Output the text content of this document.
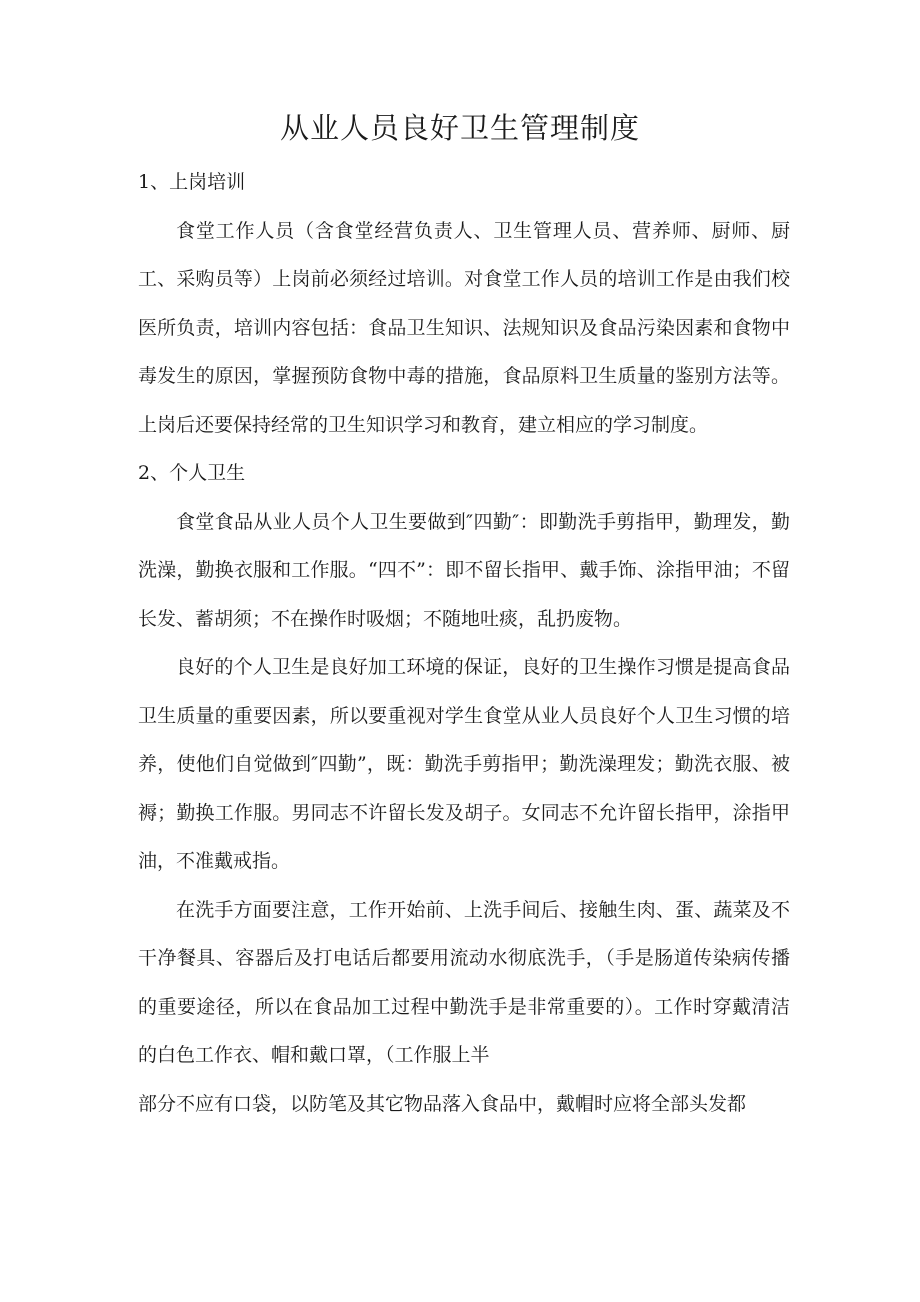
从业人员良好卫生管理制度

1、上岗培训

食堂工作人员（含食堂经营负责人、卫生管理人员、营养师、厨师、厨工、采购员等）上岗前必须经过培训。对食堂工作人员的培训工作是由我们校医所负责，培训内容包括：食品卫生知识、法规知识及食品污染因素和食物中毒发生的原因，掌握预防食物中毒的措施，食品原料卫生质量的鉴别方法等。上岗后还要保持经常的卫生知识学习和教育，建立相应的学习制度。

2、个人卫生

食堂食品从业人员个人卫生要做到″四勤″：即勤洗手剪指甲，勤理发，勤洗澡，勤换衣服和工作服。“四不”：即不留长指甲、戴手饰、涂指甲油；不留长发、蓄胡须；不在操作时吸烟；不随地吐痰，乱扔废物。

良好的个人卫生是良好加工环境的保证，良好的卫生操作习惯是提高食品卫生质量的重要因素，所以要重视对学生食堂从业人员良好个人卫生习惯的培养，使他们自觉做到″四勤”，既：勤洗手剪指甲；勤洗澡理发；勤洗衣服、被褥；勤换工作服。男同志不许留长发及胡子。女同志不允许留长指甲，涂指甲油，不准戴戒指。

在洗手方面要注意，工作开始前、上洗手间后、接触生肉、蛋、蔬菜及不干净餐具、容器后及打电话后都要用流动水彻底洗手，（手是肠道传染病传播的重要途径，所以在食品加工过程中勤洗手是非常重要的）。工作时穿戴清洁的白色工作衣、帽和戴口罩，（工作服上半

部分不应有口袋，以防笔及其它物品落入食品中，戴帽时应将全部头发都
